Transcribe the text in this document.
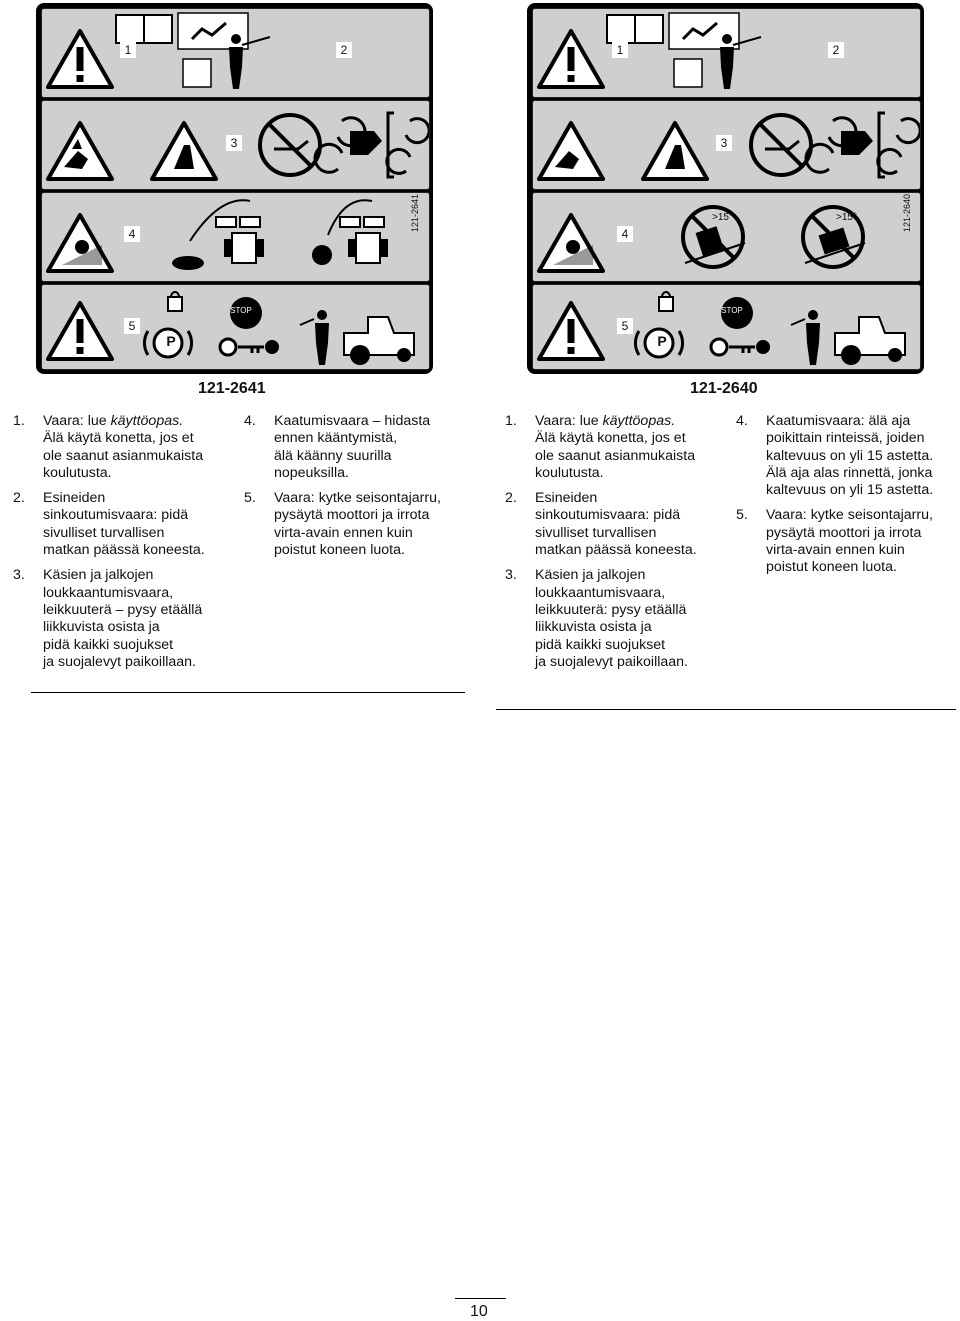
121-2641
1	2
3
4
5
STOP
P
121-2641
121-2640
>15°	>15°
1	2
3
4
5
STOP
P
121-2640
1. Vaara: lue käyttöopas.
Älä käytä konetta, jos et
ole saanut asianmukaista
koulutusta.
2. Esineiden
sinkoutumisvaara: pidä
sivulliset turvallisen
matkan päässä koneesta.
3. Käsien ja jalkojen
loukkaantumisvaara,
leikkuuterä – pysy etäällä
liikkuvista osista ja
pidä kaikki suojukset
ja suojalevyt paikoillaan.
4. Kaatumisvaara – hidasta
ennen kääntymistä,
älä käänny suurilla
nopeuksilla.
5. Vaara: kytke seisontajarru,
pysäytä moottori ja irrota
virta-avain ennen kuin
poistut koneen luota.
1. Vaara: lue käyttöopas.
Älä käytä konetta, jos et
ole saanut asianmukaista
koulutusta.
2. Esineiden
sinkoutumisvaara: pidä
sivulliset turvallisen
matkan päässä koneesta.
3. Käsien ja jalkojen
loukkaantumisvaara,
leikkuuterä: pysy etäällä
liikkuvista osista ja
pidä kaikki suojukset
ja suojalevyt paikoillaan.
4. Kaatumisvaara: älä aja
poikittain rinteissä, joiden
kaltevuus on yli 15 astetta.
Älä aja alas rinnettä, jonka
kaltevuus on yli 15 astetta.
5. Vaara: kytke seisontajarru,
pysäytä moottori ja irrota
virta-avain ennen kuin
poistut koneen luota.
10
